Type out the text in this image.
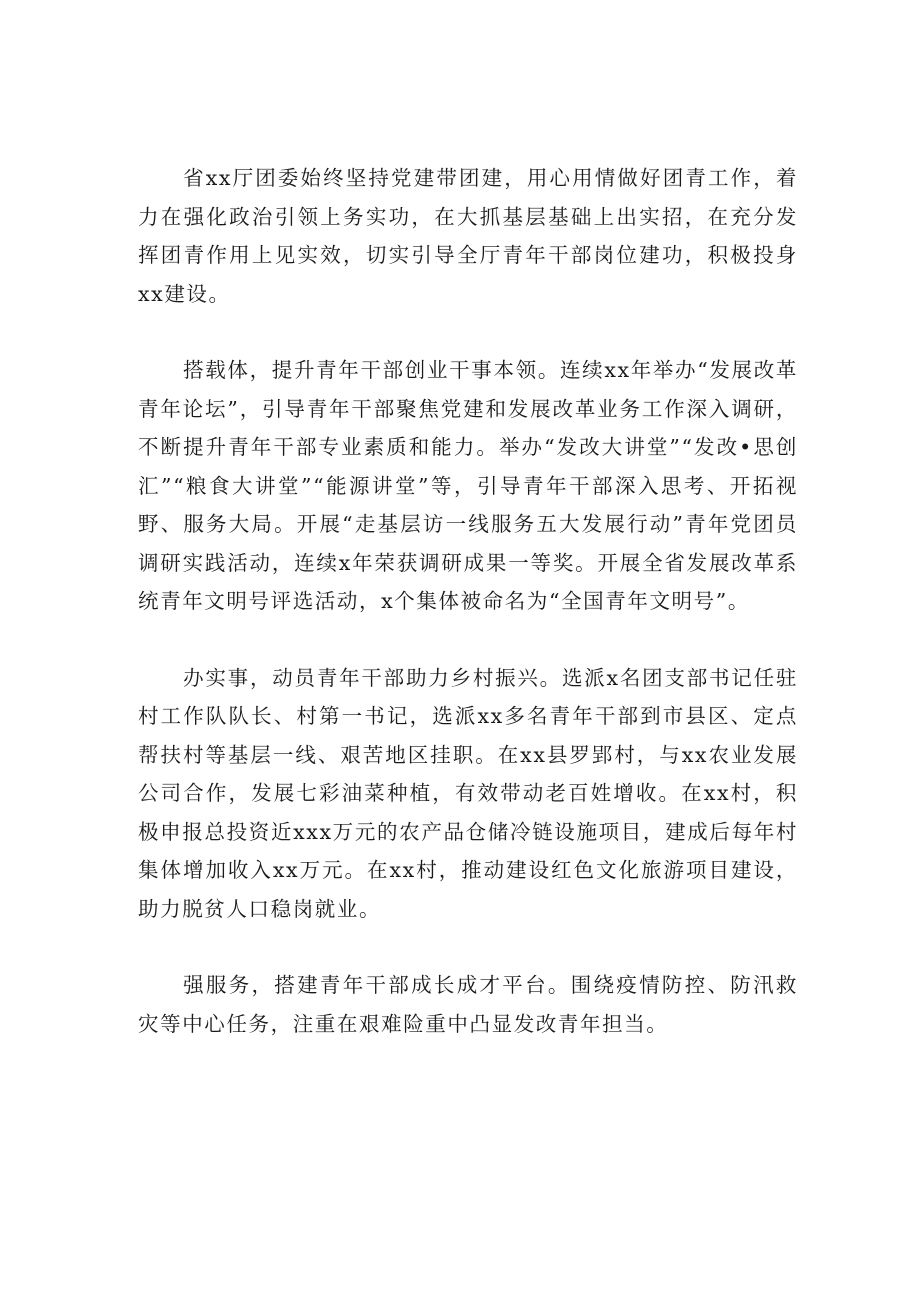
省xx厅团委始终坚持党建带团建，用心用情做好团青工作，着力在强化政治引领上务实功，在大抓基层基础上出实招，在充分发挥团青作用上见实效，切实引导全厅青年干部岗位建功，积极投身xx建设。

搭载体，提升青年干部创业干事本领。连续xx年举办“发展改革青年论坛”，引导青年干部聚焦党建和发展改革业务工作深入调研，不断提升青年干部专业素质和能力。举办“发改大讲堂”“发改•思创汇”“粮食大讲堂”“能源讲堂”等，引导青年干部深入思考、开拓视野、服务大局。开展“走基层访一线服务五大发展行动”青年党团员调研实践活动，连续x年荣获调研成果一等奖。开展全省发展改革系统青年文明号评选活动，x个集体被命名为“全国青年文明号”。

办实事，动员青年干部助力乡村振兴。选派x名团支部书记任驻村工作队队长、村第一书记，选派xx多名青年干部到市县区、定点帮扶村等基层一线、艰苦地区挂职。在xx县罗郢村，与xx农业发展公司合作，发展七彩油菜种植，有效带动老百姓增收。在xx村，积极申报总投资近xxx万元的农产品仓储冷链设施项目，建成后每年村集体增加收入xx万元。在xx村，推动建设红色文化旅游项目建设，助力脱贫人口稳岗就业。

强服务，搭建青年干部成长成才平台。围绕疫情防控、防汛救灾等中心任务，注重在艰难险重中凸显发改青年担当。
